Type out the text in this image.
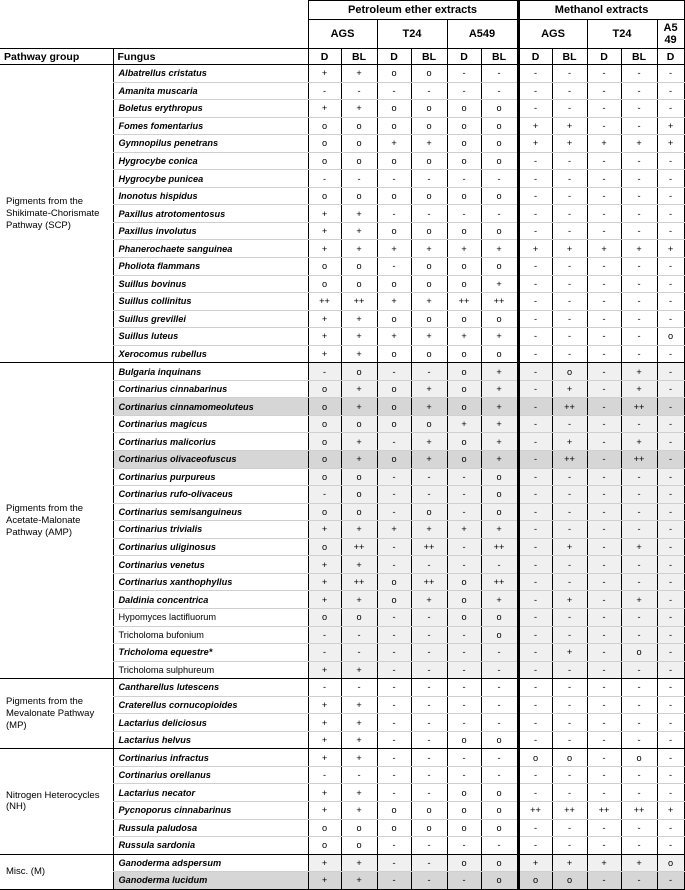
		Petroleum ether extracts						Methanol extracts				
		AGS		T24		A549		AGS		T24		A5 49
Pathway group	Fungus	D	BL	D	BL	D	BL	D	BL	D	BL	D
Pigments from the Shikimate-Chorismate Pathway (SCP)	Albatrellus cristatus	+	+	o	o	-	-	-	-	-	-	-
	Amanita muscaria	-	-	-	-	-	-	-	-	-	-	-
	Boletus erythropus	+	+	o	o	o	o	-	-	-	-	-
	Fomes fomentarius	o	o	o	o	o	o	+	+	-	-	+
	Gymnopilus penetrans	o	o	+	+	o	o	+	+	+	+	+
	Hygrocybe conica	o	o	o	o	o	o	-	-	-	-	-
	Hygrocybe punicea	-	-	-	-	-	-	-	-	-	-	-
	Inonotus hispidus	o	o	o	o	o	o	-	-	-	-	-
	Paxillus atrotomentosus	+	+	-	-	-	-	-	-	-	-	-
	Paxillus involutus	+	+	o	o	o	o	-	-	-	-	-
	Phanerochaete sanguinea	+	+	+	+	+	+	+	+	+	+	+
	Pholiota flammans	o	o	-	o	o	o	-	-	-	-	-
	Suillus bovinus	o	o	o	o	o	+	-	-	-	-	-
	Suillus collinitus	++	++	+	+	++	++	-	-	-	-	-
	Suillus grevillei	+	+	o	o	o	o	-	-	-	-	-
	Suillus luteus	+	+	+	+	+	+	-	-	-	-	o
	Xerocomus rubellus	+	+	o	o	o	o	-	-	-	-	-
Pigments from the Acetate-Malonate Pathway (AMP)	Bulgaria inquinans	-	o	-	-	o	+	-	o	-	+	-
	Cortinarius cinnabarinus	o	+	o	+	o	+	-	+	-	+	-
	Cortinarius cinnamomeoluteus	o	+	o	+	o	+	-	++	-	++	-
	Cortinarius magicus	o	o	o	o	+	+	-	-	-	-	-
	Cortinarius malicorius	o	+	-	+	o	+	-	+	-	+	-
	Cortinarius olivaceofuscus	o	+	o	+	o	+	-	++	-	++	-
	Cortinarius purpureus	o	o	-	-	-	o	-	-	-	-	-
	Cortinarius rufo-olivaceus	-	o	-	-	-	o	-	-	-	-	-
	Cortinarius semisanguineus	o	o	-	o	-	o	-	-	-	-	-
	Cortinarius trivialis	+	+	+	+	+	+	-	-	-	-	-
	Cortinarius uliginosus	o	++	-	++	-	++	-	+	-	+	-
	Cortinarius venetus	+	+	-	-	-	-	-	-	-	-	-
	Cortinarius xanthophyllus	+	++	o	++	o	++	-	-	-	-	-
	Daldinia concentrica	+	+	o	+	o	+	-	+	-	+	-
	Hypomyces lactifluorum	o	o	-	-	o	o	-	-	-	-	-
	Tricholoma bufonium	-	-	-	-	-	o	-	-	-	-	-
	Tricholoma equestre*	-	-	-	-	-	-	-	+	-	o	-
	Tricholoma sulphureum	+	+	-	-	-	-	-	-	-	-	-
Pigments from the Mevalonate Pathway (MP)	Cantharellus lutescens	-	-	-	-	-	-	-	-	-	-	-
	Craterellus cornucopioides	+	+	-	-	-	-	-	-	-	-	-
	Lactarius deliciosus	+	+	-	-	-	-	-	-	-	-	-
	Lactarius helvus	+	+	-	-	o	o	-	-	-	-	-
Nitrogen Heterocycles (NH)	Cortinarius infractus	+	+	-	-	-	-	o	o	-	o	-
	Cortinarius orellanus	-	-	-	-	-	-	-	-	-	-	-
	Lactarius necator	+	+	-	-	o	o	-	-	-	-	-
	Pycnoporus cinnabarinus	+	+	o	o	o	o	++	++	++	++	+
	Russula paludosa	o	o	o	o	o	o	-	-	-	-	-
	Russula sardonia	o	o	-	-	-	-	-	-	-	-	-
Misc. (M)	Ganoderma adspersum	+	+	-	-	o	o	+	+	+	+	o
	Ganoderma lucidum	+	+	-	-	-	o	o	o	-	-	-
